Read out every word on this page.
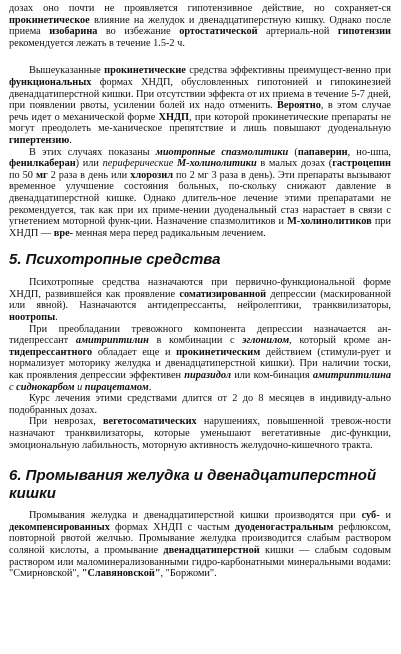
дозах оно почти не проявляется гипотензивное действие, но сохраняет-ся прокинетическое влияние на желудок и двенадцатиперстную кишку. Однако после приема изобарина во избежание ортостатической артериаль-ной гипотензии рекомендуется лежать в течение 1.5-2 ч.

Вышеуказанные прокинетические средства эффективны преимущест-венно при функциональных формах ХНДП, обусловленных гипотонией и гипокинезией двенадцатиперстной кишки. При отсутствии эффекта от их приема в течение 5-7 дней, при появлении рвоты, усилении болей их надо отменить. Вероятно, в этом случае речь идет о механической форме ХНДП, при которой прокинетические препараты не могут преодолеть ме-ханическое препятствие и лишь повышают дуоденальную гипертензию.

В этих случаях показаны миотропные спазмолитики (папаверин, но-шпа, фенилкаберан) или периферические М-холинолитики в малых дозах (гастроцепин по 50 мг 2 раза в день или хлорозил по 2 мг 3 раза в день). Эти препараты вызывают временное улучшение состояния больных, по-скольку снижают давление в двенадцатиперстной кишке. Однако длитель-ное лечение этими препаратами не рекомендуется, так как при их приме-нении дуоденальный стаз нарастает в связи с угнетением моторной функ-ции. Назначение спазмолитиков и М-холинолитиков при ХНДП — вре- менная мера перед радикальным лечением.

5. Психотропные средства

Психотропные средства назначаются при первично-функциональной форме ХНДП, развившейся как проявление соматизированной депрессии (маскированной или явной). Назначаются антидепрессанты, нейролептики, транквилизаторы, ноотропы.

При преобладании тревожного компонента депрессии назначается ан-тидепрессант амитриптилин в комбинации с эглонилом, который кроме ан-тидепрессантного обладает еще и прокинетическим действием (стимули-рует и нормализует моторику желудка и двенадцатиперстной кишки). При наличии тоски, как проявления депрессии эффективен пиразидол или ком-бинация амитриптилина с сиднокарбом и пирацетамом.

Курс лечения этими средствами длится от 2 до 8 месяцев в индивиду-ально подобранных дозах.

При неврозах, вегетосоматических нарушениях, повышенной тревож-ности назначают транквилизаторы, которые уменьшают вегетативные дис-функции, эмоциональную лабильность, моторную активность желудочно-кишечного тракта.

6. Промывания желудка и двенадцатиперстной кишки

Промывания желудка и двенадцатиперстной кишки производятся при суб- и декомпенсированных формах ХНДП с частым дуоденогастральным рефлюксом, повторной рвотой желчью. Промывание желудка производится слабым раствором соляной кислоты, а промывание двенадцатиперстной кишки — слабым содовым раствором или маломинерализованными гидро-карбонатными минеральными водами: "Смирновской", "Славяновской", "Боржоми".
